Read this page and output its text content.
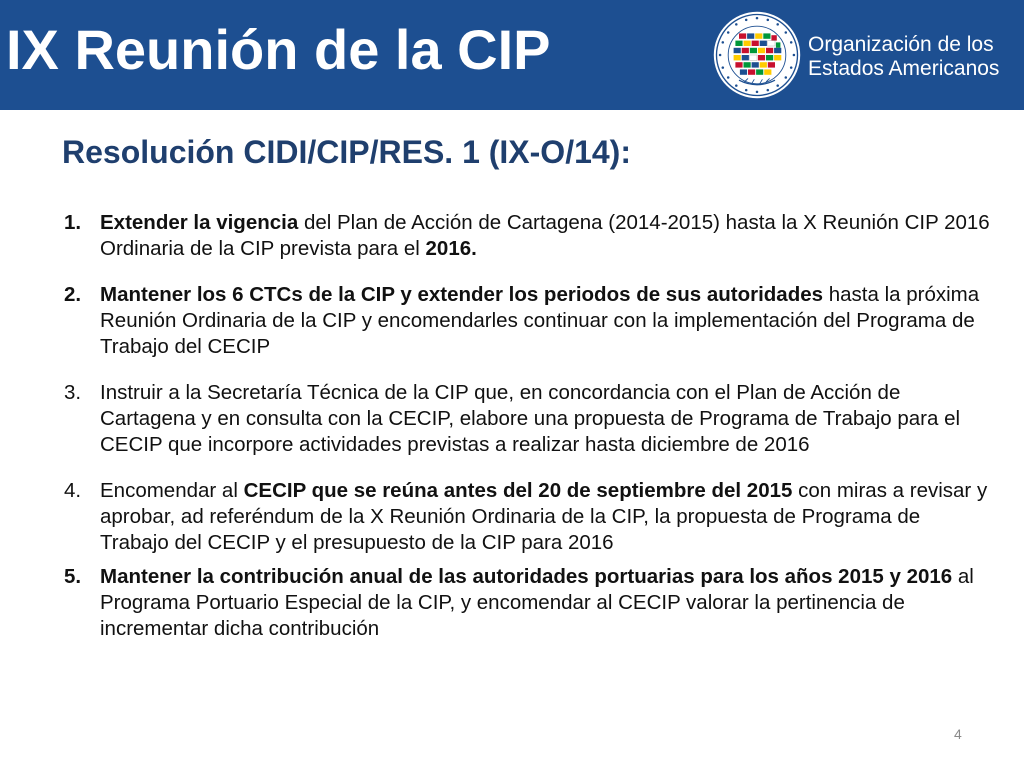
IX Reunión de la CIP	Organización de los
Estados Americanos
Resolución CIDI/CIP/RES. 1 (IX-O/14):
1. Extender la vigencia del Plan de Acción de Cartagena (2014-2015) hasta la X Reunión CIP 2016 Ordinaria de la CIP prevista para el 2016.
2. Mantener los 6 CTCs de la CIP y extender los periodos de sus autoridades hasta la próxima Reunión Ordinaria de la CIP y encomendarles continuar con la implementación del Programa de Trabajo del CECIP
3. Instruir a la Secretaría Técnica de la CIP que, en concordancia con el Plan de Acción de Cartagena y en consulta con la CECIP, elabore una propuesta de Programa de Trabajo para el CECIP que incorpore actividades previstas a realizar hasta diciembre de 2016
4. Encomendar al CECIP que se reúna antes del 20 de septiembre del 2015 con miras a revisar y aprobar, ad referéndum de la X Reunión Ordinaria de la CIP, la propuesta de Programa de Trabajo del CECIP y el presupuesto de la CIP para 2016
5. Mantener la contribución anual de las autoridades portuarias para los años 2015 y 2016 al Programa Portuario Especial de la CIP, y encomendar al CECIP valorar la pertinencia de incrementar dicha contribución
4
